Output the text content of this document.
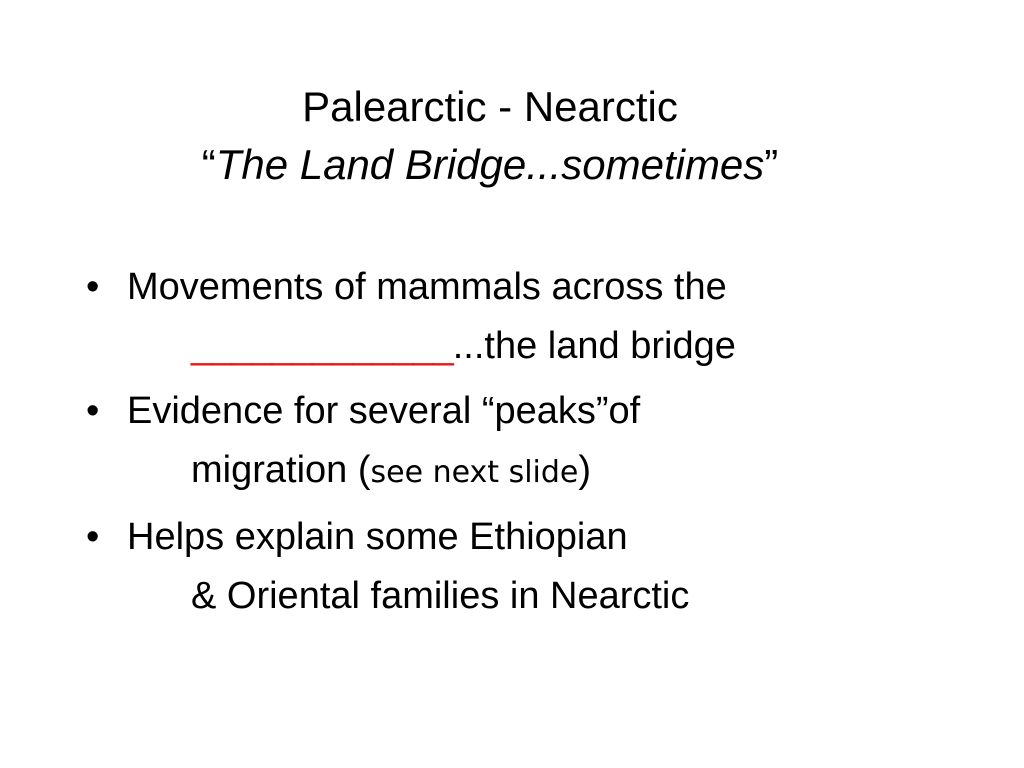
Palearctic - Nearctic
“The Land Bridge...sometimes”
• Movements of mammals across the
_____________...the land bridge
• Evidence for several “peaks”of
migration (see next slide)
• Helps explain some Ethiopian
& Oriental families in Nearctic
